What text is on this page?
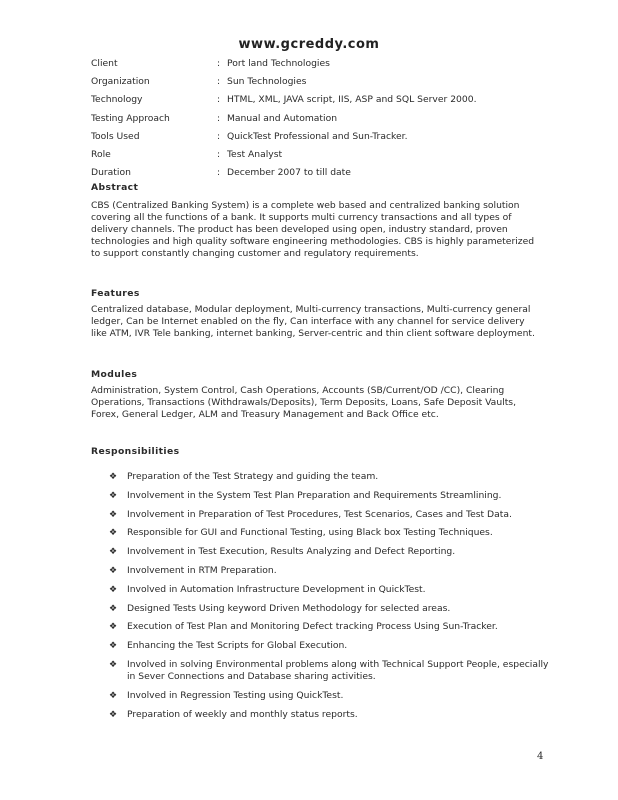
www.gcreddy.com
Client	: Port land Technologies
Organization	: Sun Technologies
Technology	: HTML, XML, JAVA script, IIS, ASP and SQL Server 2000.
Testing Approach	: Manual and Automation
Tools Used	: QuickTest Professional and Sun-Tracker.
Role	: Test Analyst
Duration	: December 2007 to till date
Abstract
CBS (Centralized Banking System) is a complete web based and centralized banking solution covering all the functions of a bank. It supports multi currency transactions and all types of delivery channels. The product has been developed using open, industry standard, proven technologies and high quality software engineering methodologies. CBS is highly parameterized to support constantly changing customer and regulatory requirements.
Features
Centralized database, Modular deployment, Multi-currency transactions, Multi-currency general ledger, Can be Internet enabled on the fly, Can interface with any channel for service delivery like ATM, IVR Tele banking, internet banking, Server-centric and thin client software deployment.
Modules
Administration, System Control, Cash Operations, Accounts (SB/Current/OD /CC), Clearing Operations, Transactions (Withdrawals/Deposits), Term Deposits, Loans, Safe Deposit Vaults, Forex, General Ledger, ALM and Treasury Management and Back Office etc.
Responsibilities
❖	Preparation of the Test Strategy and guiding the team.
❖	Involvement in the System Test Plan Preparation and Requirements Streamlining.
❖	Involvement in Preparation of Test Procedures, Test Scenarios, Cases and Test Data.
❖	Responsible for GUI and Functional Testing, using Black box Testing Techniques.
❖	Involvement in Test Execution, Results Analyzing and Defect Reporting.
❖	Involvement in RTM Preparation.
❖	Involved in Automation Infrastructure Development in QuickTest.
❖	Designed Tests Using keyword Driven Methodology for selected areas.
❖	Execution of Test Plan and Monitoring Defect tracking Process Using Sun-Tracker.
❖	Enhancing the Test Scripts for Global Execution.
❖	Involved in solving Environmental problems along with Technical Support People, especially in Sever Connections and Database sharing activities.
❖	Involved in Regression Testing using QuickTest.
❖	Preparation of weekly and monthly status reports.
4
